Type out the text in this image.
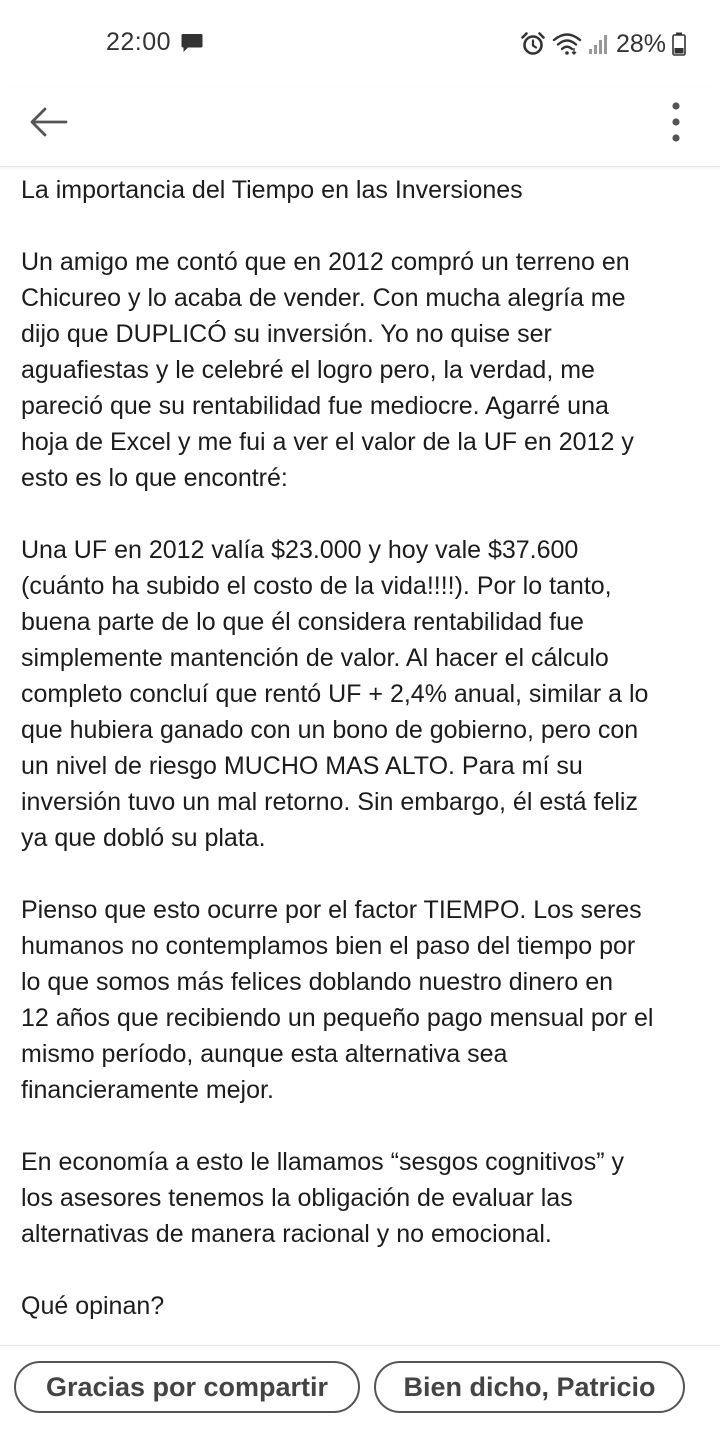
22:00	28%

La importancia del Tiempo en las Inversiones

Un amigo me contó que en 2012 compró un terreno en
Chicureo y lo acaba de vender. Con mucha alegría me
dijo que DUPLICÓ su inversión. Yo no quise ser
aguafiestas y le celebré el logro pero, la verdad, me
pareció que su rentabilidad fue mediocre. Agarré una
hoja de Excel y me fui a ver el valor de la UF en 2012 y
esto es lo que encontré:

Una UF en 2012 valía $23.000 y hoy vale $37.600
(cuánto ha subido el costo de la vida!!!!). Por lo tanto,
buena parte de lo que él considera rentabilidad fue
simplemente mantención de valor. Al hacer el cálculo
completo concluí que rentó UF + 2,4% anual, similar a lo
que hubiera ganado con un bono de gobierno, pero con
un nivel de riesgo MUCHO MAS ALTO. Para mí su
inversión tuvo un mal retorno. Sin embargo, él está feliz
ya que dobló su plata.

Pienso que esto ocurre por el factor TIEMPO. Los seres
humanos no contemplamos bien el paso del tiempo por
lo que somos más felices doblando nuestro dinero en
12 años que recibiendo un pequeño pago mensual por el
mismo período, aunque esta alternativa sea
financieramente mejor.

En economía a esto le llamamos “sesgos cognitivos” y
los asesores tenemos la obligación de evaluar las
alternativas de manera racional y no emocional.

Qué opinan?

Gracias por compartir	Bien dicho, Patricio
